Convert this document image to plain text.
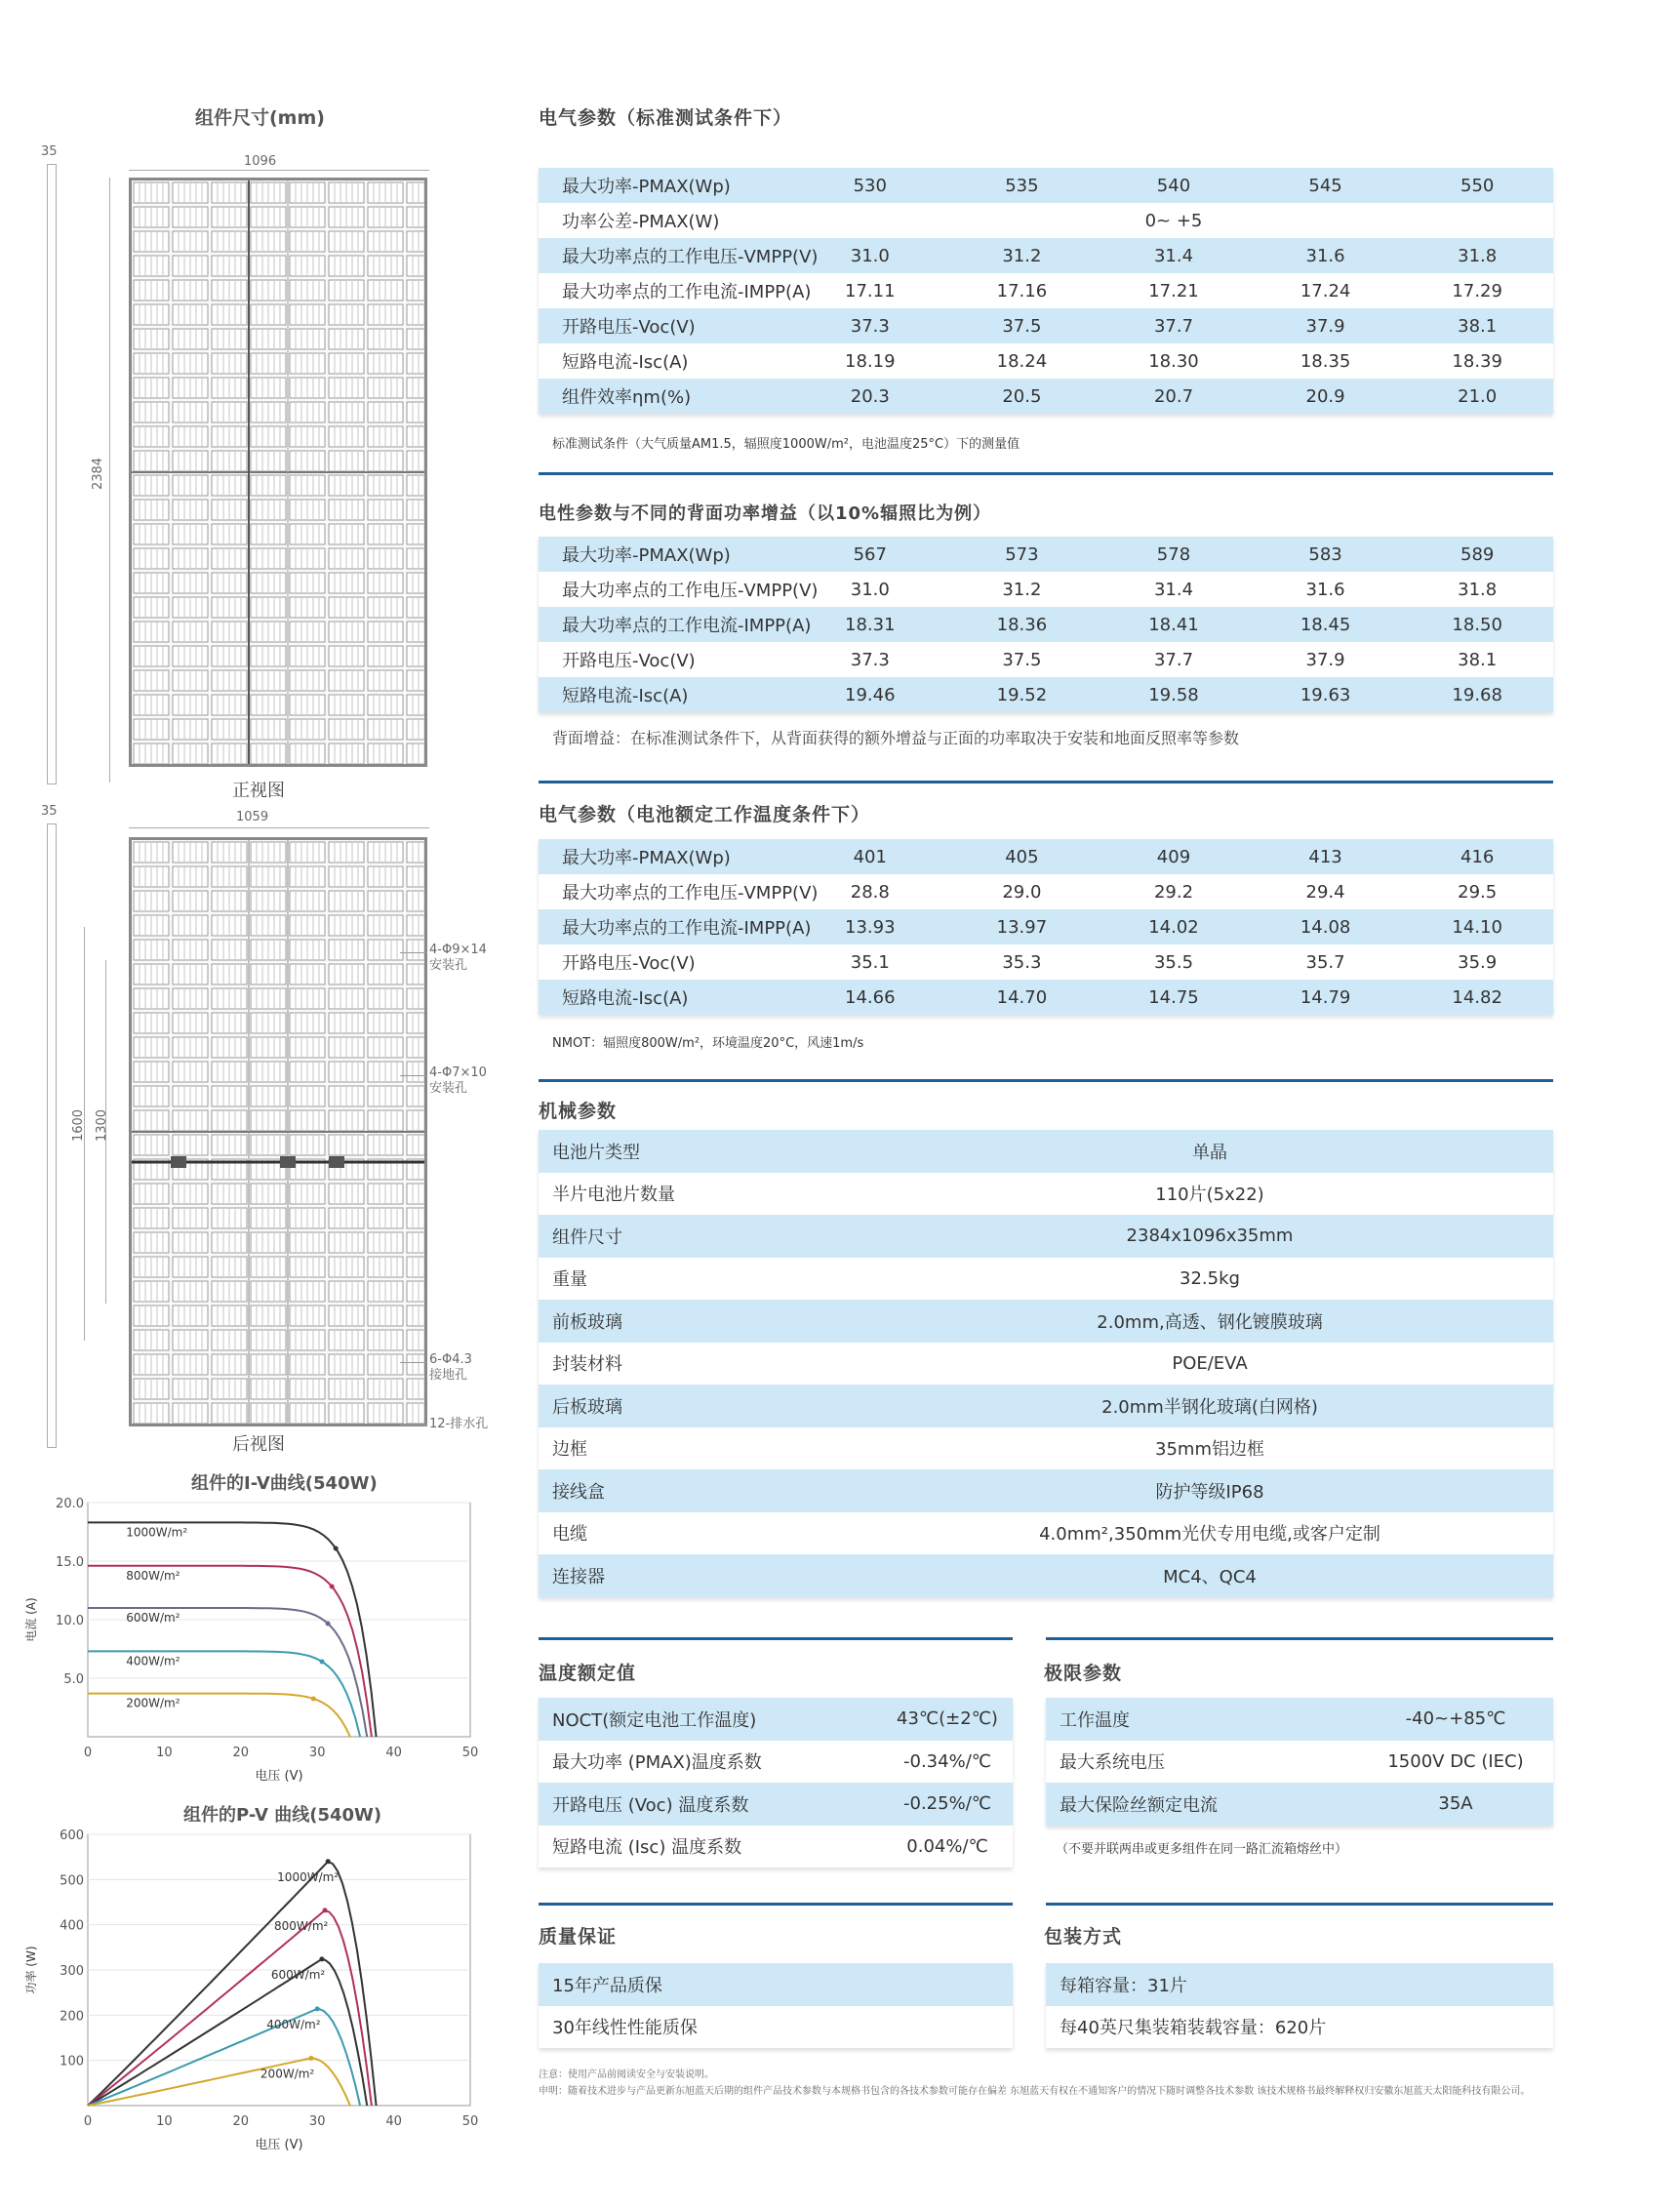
组件尺寸(mm)
35
1096
2384
正视图
35	1059
1600 1300
4-Φ9×14
安装孔
4-Φ7×10
安装孔
6-Φ4.3
接地孔
12-排水孔
后视图
组件的I-V曲线(540W)
20.0
15.0
10.0
5.0
0	10	20	30	40	50
电压 (V)
电流 (A)
1000W/m²
800W/m²
600W/m²
400W/m²
200W/m²
组件的P-V 曲线(540W)
600
500
400
300
200
100
0	10	20	30	40	50
电压 (V)
功率 (W)
1000W/m²
800W/m²
600W/m²
400W/m²
200W/m²
电气参数（标准测试条件下）
最大功率-PMAX(Wp)	530	535	540	545	550
功率公差-PMAX(W)	0~ +5				
最大功率点的工作电压-VMPP(V)	31.0	31.2	31.4	31.6	31.8
最大功率点的工作电流-IMPP(A)	17.11	17.16	17.21	17.24	17.29
开路电压-Voc(V)	37.3	37.5	37.7	37.9	38.1
短路电流-Isc(A)	18.19	18.24	18.30	18.35	18.39
组件效率ηm(%)	20.3	20.5	20.7	20.9	21.0
标准测试条件（大气质量AM1.5，辐照度1000W/m²，电池温度25°C）下的测量值
电性参数与不同的背面功率增益（以10%辐照比为例）
最大功率-PMAX(Wp)	567	573	578	583	589
最大功率点的工作电压-VMPP(V)	31.0	31.2	31.4	31.6	31.8
最大功率点的工作电流-IMPP(A)	18.31	18.36	18.41	18.45	18.50
开路电压-Voc(V)	37.3	37.5	37.7	37.9	38.1
短路电流-Isc(A)	19.46	19.52	19.58	19.63	19.68
背面增益：在标准测试条件下，从背面获得的额外增益与正面的功率取决于安装和地面反照率等参数
电气参数（电池额定工作温度条件下）
最大功率-PMAX(Wp)	401	405	409	413	416
最大功率点的工作电压-VMPP(V)	28.8	29.0	29.2	29.4	29.5
最大功率点的工作电流-IMPP(A)	13.93	13.97	14.02	14.08	14.10
开路电压-Voc(V)	35.1	35.3	35.5	35.7	35.9
短路电流-Isc(A)	14.66	14.70	14.75	14.79	14.82
NMOT：辐照度800W/m²，环境温度20°C，风速1m/s
机械参数
电池片类型	单晶
半片电池片数量	110片(5x22)
组件尺寸	2384x1096x35mm
重量	32.5kg
前板玻璃	2.0mm,高透、钢化镀膜玻璃
封装材料	POE/EVA
后板玻璃	2.0mm半钢化玻璃(白网格)
边框	35mm铝边框
接线盒	防护等级IP68
电缆	4.0mm²,350mm光伏专用电缆,或客户定制
连接器	MC4、QC4
温度额定值
NOCT(额定电池工作温度)	43℃(±2℃)
最大功率 (PMAX)温度系数	-0.34%/℃
开路电压 (Voc) 温度系数	-0.25%/℃
短路电流 (Isc) 温度系数	0.04%/℃
极限参数
工作温度	-40~+85℃
最大系统电压	1500V DC (IEC)
最大保险丝额定电流	35A
（不要并联两串或更多组件在同一路汇流箱熔丝中）
质量保证
15年产品质保
30年线性性能质保
包装方式
每箱容量：31片
每40英尺集装箱装载容量：620片
注意：使用产品前阅读安全与安装说明。
申明：随着技术进步与产品更新东旭蓝天后期的组件产品技术参数与本规格书包含的各技术参数可能存在偏差 东旭蓝天有权在不通知客户的情况下随时调整各技术参数 该技术规格书最终解释权归安徽东旭蓝天太阳能科技有限公司。
